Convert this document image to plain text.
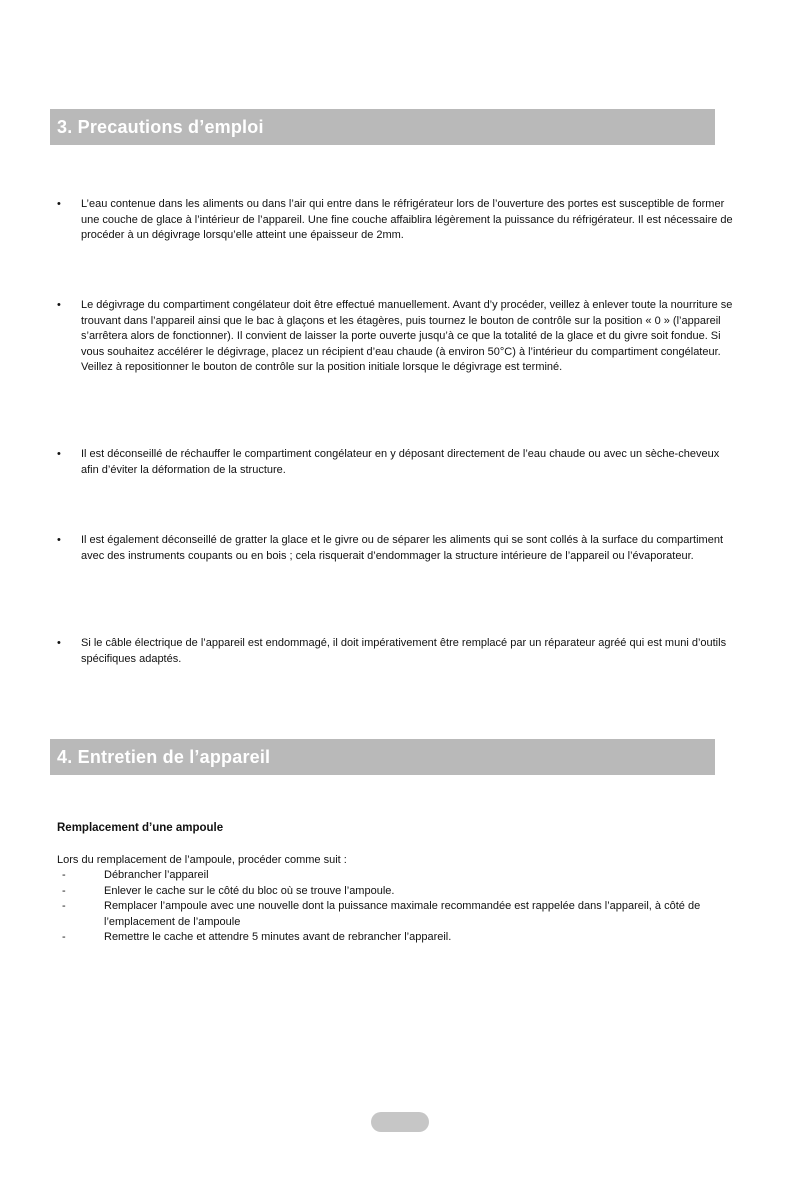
3. Precautions d’emploi
•	L’eau contenue dans les aliments ou dans l’air qui entre dans le réfrigérateur lors de l’ouverture des portes est susceptible de former une couche de glace à l’intérieur de l’appareil. Une fine couche affaiblira légèrement la puissance du réfrigérateur. Il est nécessaire de procéder à un dégivrage lorsqu’elle atteint une épaisseur de 2mm.
•	Le dégivrage du compartiment congélateur doit être effectué manuellement. Avant d’y procéder, veillez à enlever toute la nourriture se trouvant dans l’appareil ainsi que le bac à glaçons et les étagères, puis tournez le bouton de contrôle sur la position « 0 » (l’appareil s’arrêtera alors de fonctionner). Il convient de laisser la porte ouverte jusqu’à ce que la totalité de la glace et du givre soit fondue. Si vous souhaitez accélérer le dégivrage, placez un récipient d’eau chaude (à environ 50°C) à l’intérieur du compartiment congélateur. Veillez à repositionner le bouton de contrôle sur la position initiale lorsque le dégivrage est terminé.
•	Il est déconseillé de réchauffer le compartiment congélateur en y déposant directement de l’eau chaude ou avec un sèche-cheveux afin d’éviter la déformation de la structure.
•	Il est également déconseillé de gratter la glace et le givre ou de séparer les aliments qui se sont collés à la surface du compartiment avec des instruments coupants ou en bois ; cela risquerait d’endommager la structure intérieure de l’appareil ou l’évaporateur.
•	Si le câble électrique de l’appareil est endommagé, il doit impérativement être remplacé par un réparateur agréé qui est muni d’outils spécifiques adaptés.
4. Entretien de l’appareil
Remplacement d’une ampoule
Lors du remplacement de l’ampoule, procéder comme suit :
-	Débrancher l’appareil
-	Enlever le cache sur le côté du bloc où se trouve l’ampoule.
-	Remplacer l’ampoule avec une nouvelle dont la puissance maximale recommandée est rappelée dans l’appareil, à côté de l’emplacement de l’ampoule
-	Remettre le cache et attendre 5 minutes avant de rebrancher l’appareil.
